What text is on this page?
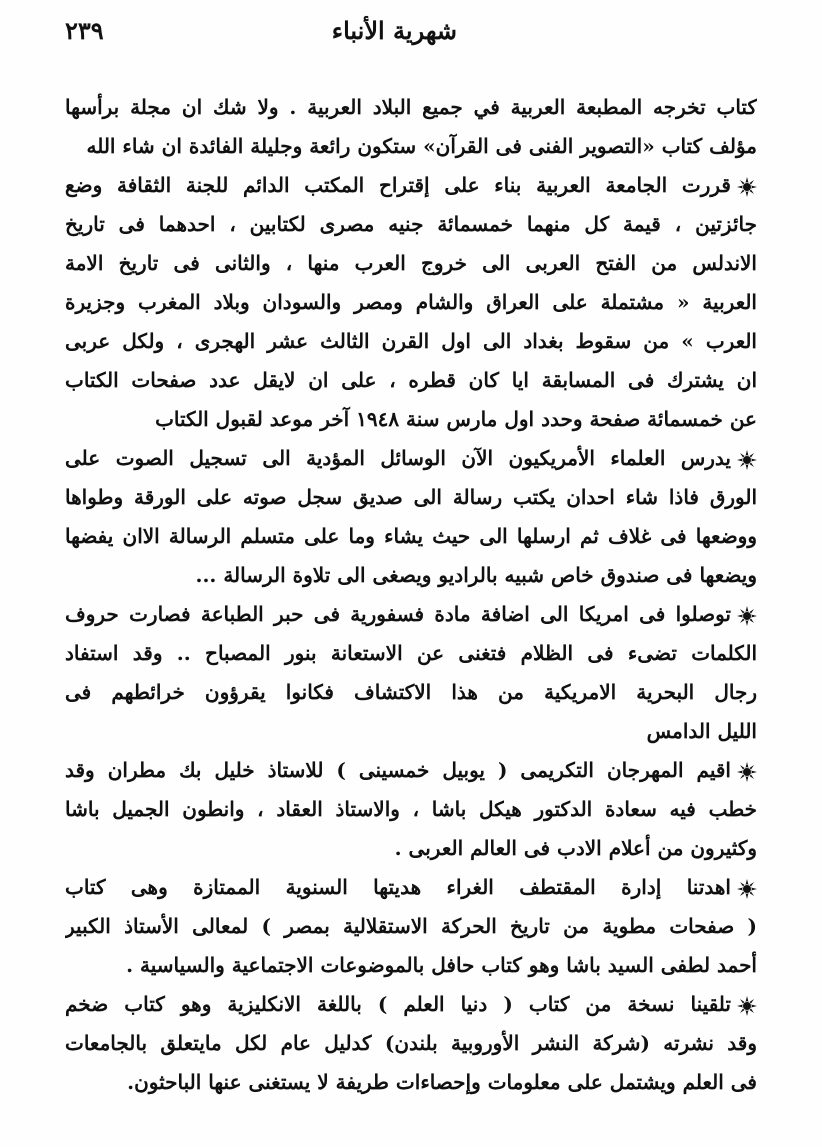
شهرية الأنباء
٢٣٩
كتاب تخرجه المطبعة العربية في جميع البلاد العربية . ولا شك ان مجلة برأسها
مؤلف كتاب «التصوير الفنى فى القرآن» ستكون رائعة وجليلة الفائدة ان شاء الله
قررت الجامعة العربية بناء على إقتراح المكتب الدائم للجنة الثقافة وضع
جائزتين ، قيمة كل منهما خمسمائة جنيه مصرى لكتابين ، احدهما فى تاريخ
الاندلس من الفتح العربى الى خروج العرب منها ، والثانى فى تاريخ الامة
العربية « مشتملة على العراق والشام ومصر والسودان وبلاد المغرب وجزيرة
العرب » من سقوط بغداد الى اول القرن الثالث عشر الهجرى ، ولكل عربى
ان يشترك فى المسابقة ايا كان قطره ، على ان لايقل عدد صفحات الكتاب
عن خمسمائة صفحة وحدد اول مارس سنة ١٩٤٨ آخر موعد لقبول الكتاب
يدرس العلماء الأمريكيون الآن الوسائل المؤدية الى تسجيل الصوت على
الورق فاذا شاء احدان يكتب رسالة الى صديق سجل صوته على الورقة وطواها
ووضعها فى غلاف ثم ارسلها الى حيث يشاء وما على متسلم الرسالة الاان يفضها
ويضعها فى صندوق خاص شبيه بالراديو ويصغى الى تلاوة الرسالة ...
توصلوا فى امريكا الى اضافة مادة فسفورية فى حبر الطباعة فصارت حروف
الكلمات تضىء فى الظلام فتغنى عن الاستعانة بنور المصباح .. وقد استفاد
رجال البحرية الامريكية من هذا الاكتشاف فكانوا يقرؤون خرائطهم فى
الليل الدامس
اقيم المهرجان التكريمى ( يوبيل خمسينى ) للاستاذ خليل بك مطران وقد
خطب فيه سعادة الدكتور هيكل باشا ، والاستاذ العقاد ، وانطون الجميل باشا
وكثيرون من أعلام الادب فى العالم العربى .
اهدتنا إدارة المقتطف الغراء هديتها السنوية الممتازة وهى كتاب
( صفحات مطوية من تاريخ الحركة الاستقلالية بمصر ) لمعالى الأستاذ الكبير
أحمد لطفى السيد باشا وهو كتاب حافل بالموضوعات الاجتماعية والسياسية .
تلقينا نسخة من كتاب ( دنيا العلم ) باللغة الانكليزية وهو كتاب ضخم
وقد نشرته (شركة النشر الأوروبية بلندن) كدليل عام لكل مايتعلق بالجامعات
فى العلم ويشتمل على معلومات وإحصاءات طريفة لا يستغنى عنها الباحثون.
